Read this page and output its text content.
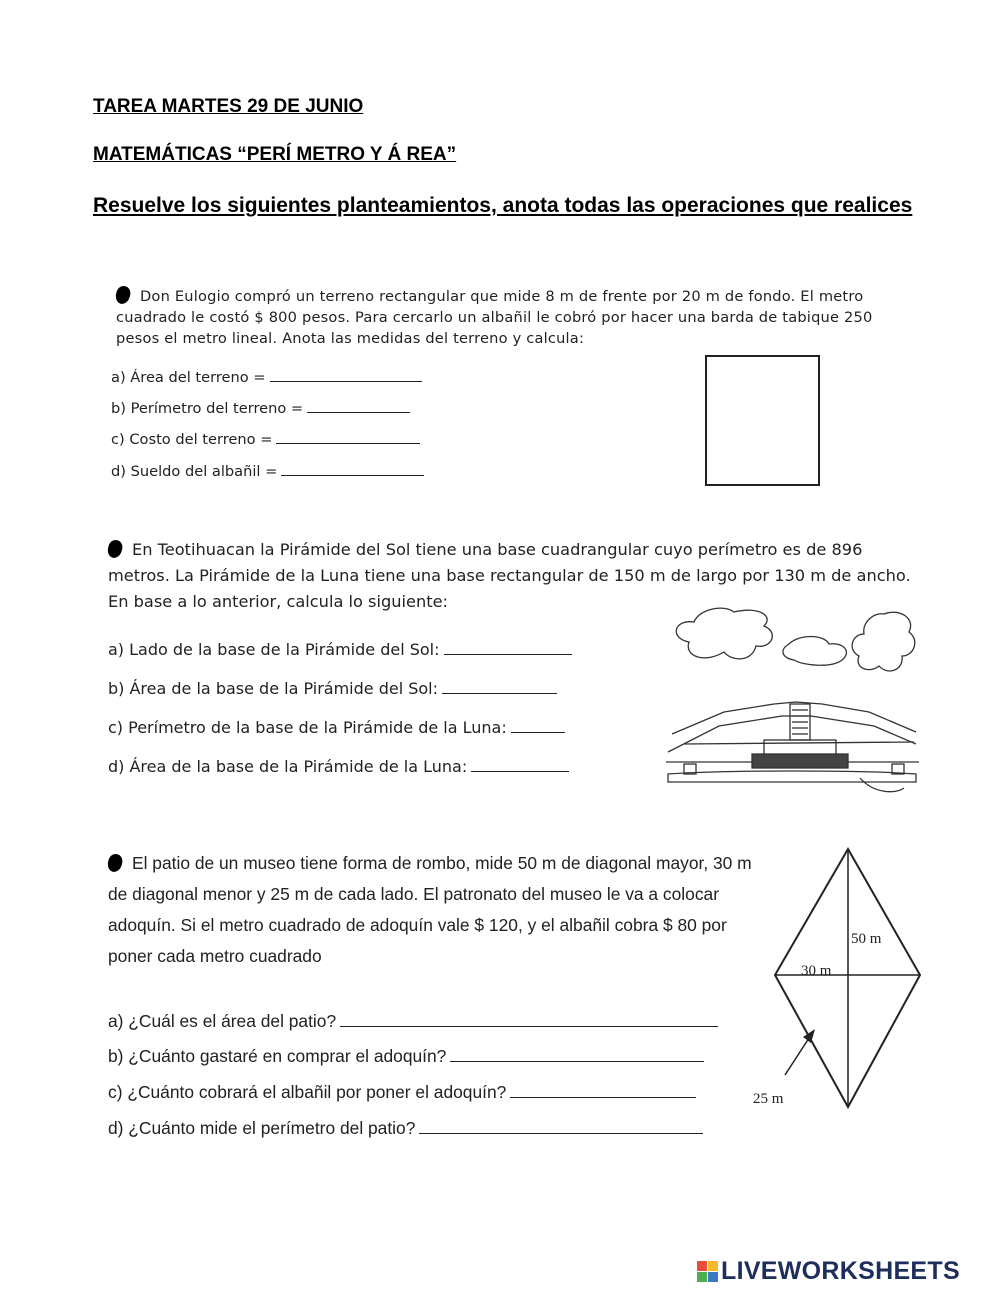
TAREA MARTES 29 DE JUNIO
MATEMÁTICAS “PERÍ METRO Y Á REA”
Resuelve los siguientes planteamientos, anota todas las operaciones que realices
Don Eulogio compró un terreno rectangular que mide 8 m de frente por 20 m de fondo. El metro cuadrado le costó $ 800 pesos. Para cercarlo un albañil le cobró por hacer una barda de tabique 250 pesos el metro lineal. Anota las medidas del terreno y calcula:
a) Área del terreno =
b) Perímetro del terreno =
c) Costo del terreno =
d) Sueldo del albañil =
En Teotihuacan la Pirámide del Sol tiene una base cuadrangular cuyo perímetro es de 896 metros. La Pirámide de la Luna tiene una base rectangular de 150 m de largo por 130 m de ancho. En base a lo anterior, calcula lo siguiente:
a) Lado de la base de la Pirámide del Sol:
b) Área de la base de la Pirámide del Sol:
c) Perímetro de la base de la Pirámide de la Luna:
d) Área de la base de la Pirámide de la Luna:
El patio de un museo tiene forma de rombo, mide 50 m de diagonal mayor, 30 m de diagonal menor y 25 m de cada lado. El patronato del museo le va a colocar adoquín. Si el metro cuadrado de adoquín vale $ 120, y el albañil cobra $ 80 por poner cada metro cuadrado
a) ¿Cuál es el área del patio?
b) ¿Cuánto gastaré en comprar el adoquín?
c) ¿Cuánto cobrará el albañil por poner el adoquín?
d) ¿Cuánto mide el perímetro del patio?
50 m
30 m
25 m
LIVEWORKSHEETS
